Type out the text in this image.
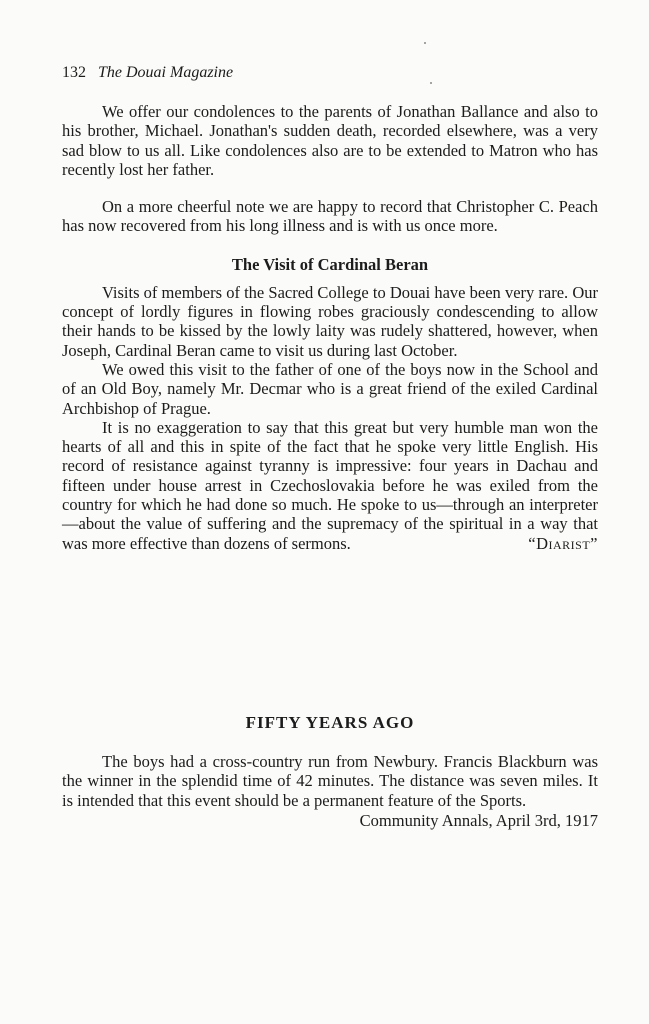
132 The Douai Magazine

We offer our condolences to the parents of Jonathan Ballance and also to his brother, Michael. Jonathan's sudden death, recorded elsewhere, was a very sad blow to us all. Like condolences also are to be extended to Matron who has recently lost her father.

On a more cheerful note we are happy to record that Christopher C. Peach has now recovered from his long illness and is with us once more.

The Visit of Cardinal Beran

Visits of members of the Sacred College to Douai have been very rare. Our concept of lordly figures in flowing robes graciously condescending to allow their hands to be kissed by the lowly laity was rudely shattered, however, when Joseph, Cardinal Beran came to visit us during last October.

We owed this visit to the father of one of the boys now in the School and of an Old Boy, namely Mr. Decmar who is a great friend of the exiled Cardinal Archbishop of Prague.

It is no exaggeration to say that this great but very humble man won the hearts of all and this in spite of the fact that he spoke very little English. His record of resistance against tyranny is impressive: four years in Dachau and fifteen under house arrest in Czechoslovakia before he was exiled from the country for which he had done so much. He spoke to us—through an interpreter—about the value of suffering and the supremacy of the spiritual in a way that was more effective than dozens of sermons.	“Diarist”

FIFTY YEARS AGO

The boys had a cross-country run from Newbury. Francis Blackburn was the winner in the splendid time of 42 minutes. The distance was seven miles. It is intended that this event should be a permanent feature of the Sports.

Community Annals, April 3rd, 1917
